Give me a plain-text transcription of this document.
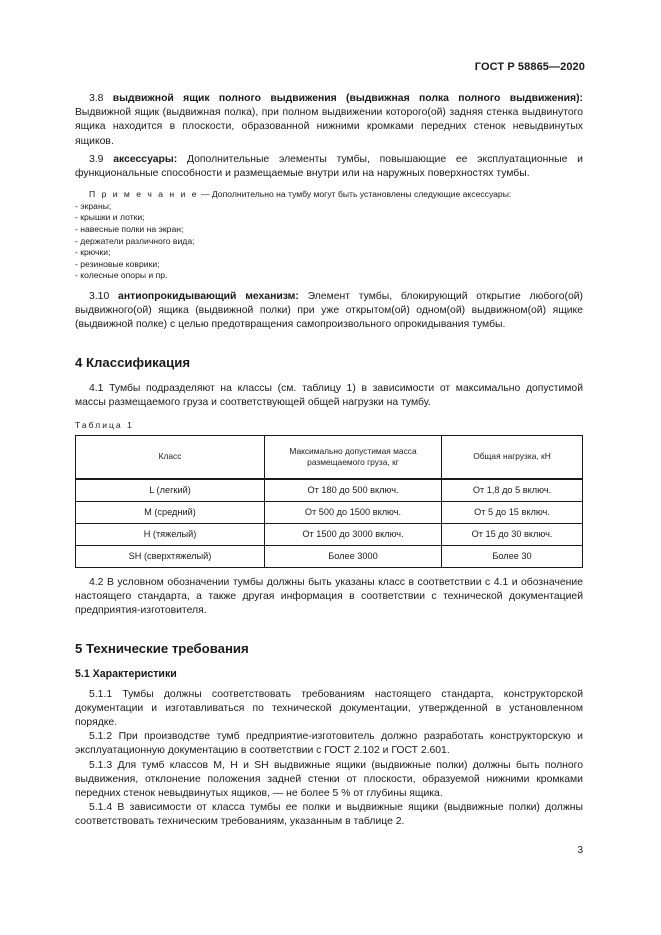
ГОСТ Р 58865—2020

3.8 выдвижной ящик полного выдвижения (выдвижная полка полного выдвижения): Выдвижной ящик (выдвижная полка), при полном выдвижении которого(ой) задняя стенка выдвинутого ящика находится в плоскости, образованной нижними кромками передних стенок невыдвинутых ящиков.

3.9 аксессуары: Дополнительные элементы тумбы, повышающие ее эксплуатационные и функциональные способности и размещаемые внутри или на наружных поверхностях тумбы.

П р и м е ч а н и е — Дополнительно на тумбу могут быть установлены следующие аксессуары:

- экраны;
- крышки и лотки;
- навесные полки на экран;
- держатели различного вида;
- крючки;
- резиновые коврики;
- колесные опоры и пр.

3.10 антиопрокидывающий механизм: Элемент тумбы, блокирующий открытие любого(ой) выдвижного(ой) ящика (выдвижной полки) при уже открытом(ой) одном(ой) выдвижном(ой) ящике (выдвижной полке) с целью предотвращения самопроизвольного опрокидывания тумбы.

4 Классификация

4.1 Тумбы подразделяют на классы (см. таблицу 1) в зависимости от максимально допустимой массы размещаемого груза и соответствующей общей нагрузки на тумбу.

Таблица 1
Класс	Максимально допустимая масса размещаемого груза, кг	Общая нагрузка, кН
L (легкий)	От 180 до 500 включ.	От 1,8 до 5 включ.
M (средний)	От 500 до 1500 включ.	От 5 до 15 включ.
H (тяжелый)	От 1500 до 3000 включ.	От 15 до 30 включ.
SH (сверхтяжелый)	Более 3000	Более 30

4.2 В условном обозначении тумбы должны быть указаны класс в соответствии с 4.1 и обозначение настоящего стандарта, а также другая информация в соответствии с технической документацией предприятия-изготовителя.

5 Технические требования
5.1 Характеристики

5.1.1 Тумбы должны соответствовать требованиям настоящего стандарта, конструкторской документации и изготавливаться по технической документации, утвержденной в установленном порядке.

5.1.2 При производстве тумб предприятие-изготовитель должно разработать конструкторскую и эксплуатационную документацию в соответствии с ГОСТ 2.102 и ГОСТ 2.601.

5.1.3 Для тумб классов M, H и SH выдвижные ящики (выдвижные полки) должны быть полного выдвижения, отклонение положения задней стенки от плоскости, образуемой нижними кромками передних стенок невыдвинутых ящиков, — не более 5 % от глубины ящика.

5.1.4 В зависимости от класса тумбы ее полки и выдвижные ящики (выдвижные полки) должны соответствовать техническим требованиям, указанным в таблице 2.

3
